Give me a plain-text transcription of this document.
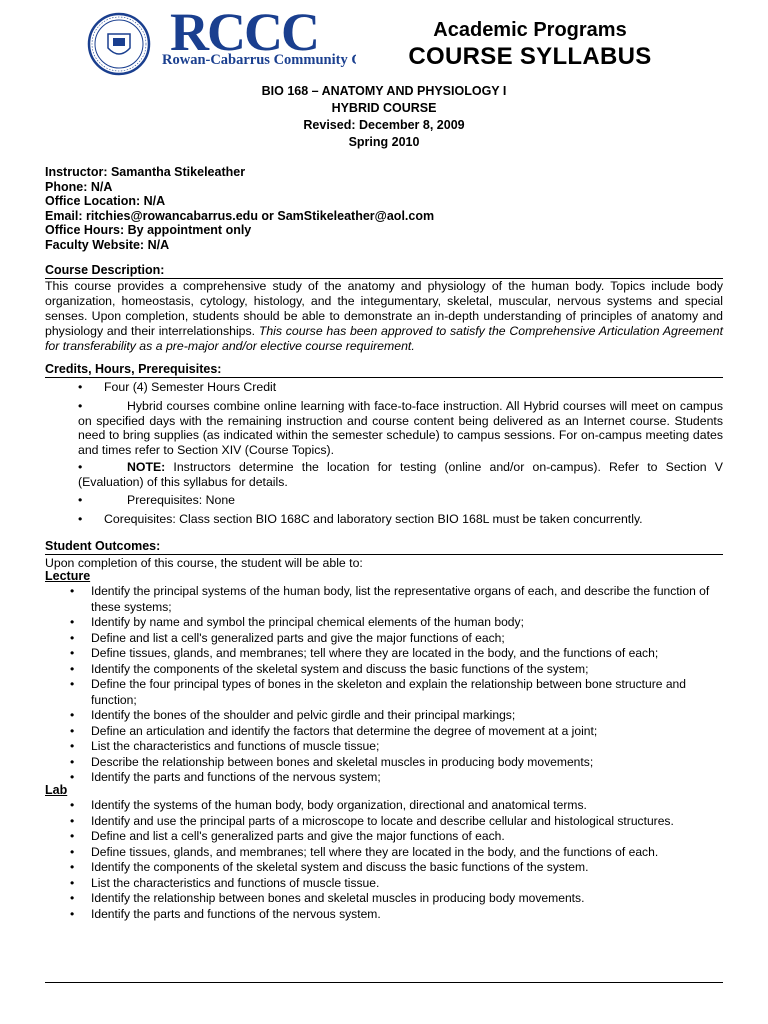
RCCC
Rowan-Cabarrus Community
Academic Programs
COURSE SYLLABUS
BIO 168 – ANATOMY AND PHYSIOLOGY I
HYBRID COURSE
Revised: December 8, 2009
Spring 2010
Instructor: Samantha Stikeleather
Phone: N/A
Office Location: N/A
Email: ritchies@rowancabarrus.edu or SamStikeleather@aol.com
Office Hours: By appointment only
Faculty Website: N/A
Course Description:
This course provides a comprehensive study of the anatomy and physiology of the human body. Topics include body organization, homeostasis, cytology, histology, and the integumentary, skeletal, muscular, nervous systems and special senses. Upon completion, students should be able to demonstrate an in-depth understanding of principles of anatomy and physiology and their interrelationships. This course has been approved to satisfy the Comprehensive Articulation Agreement for transferability as a pre-major and/or elective course requirement.
Credits, Hours, Prerequisites:
• Four (4) Semester Hours Credit
•	Hybrid courses combine online learning with face-to-face instruction. All Hybrid courses will meet on campus on specified days with the remaining instruction and course content being delivered as an Internet course. Students need to bring supplies (as indicated within the semester schedule) to campus sessions. For on-campus meeting dates and times refer to Section XIV (Course Topics).
•	NOTE: Instructors determine the location for testing (online and/or on-campus). Refer to Section V (Evaluation) of this syllabus for details.
•	Prerequisites: None
• Corequisites: Class section BIO 168C and laboratory section BIO 168L must be taken concurrently.
Student Outcomes:
Upon completion of this course, the student will be able to:
Lecture
• Identify the principal systems of the human body, list the representative organs of each, and describe the function of these systems;
• Identify by name and symbol the principal chemical elements of the human body;
• Define and list a cell's generalized parts and give the major functions of each;
• Define tissues, glands, and membranes; tell where they are located in the body, and the functions of each;
• Identify the components of the skeletal system and discuss the basic functions of the system;
• Define the four principal types of bones in the skeleton and explain the relationship between bone structure and function;
• Identify the bones of the shoulder and pelvic girdle and their principal markings;
• Define an articulation and identify the factors that determine the degree of movement at a joint;
• List the characteristics and functions of muscle tissue;
• Describe the relationship between bones and skeletal muscles in producing body movements;
• Identify the parts and functions of the nervous system;
Lab
• Identify the systems of the human body, body organization, directional and anatomical terms.
• Identify and use the principal parts of a microscope to locate and describe cellular and histological structures.
• Define and list a cell's generalized parts and give the major functions of each.
• Define tissues, glands, and membranes; tell where they are located in the body, and the functions of each.
• Identify the components of the skeletal system and discuss the basic functions of the system.
• List the characteristics and functions of muscle tissue.
• Identify the relationship between bones and skeletal muscles in producing body movements.
• Identify the parts and functions of the nervous system.
